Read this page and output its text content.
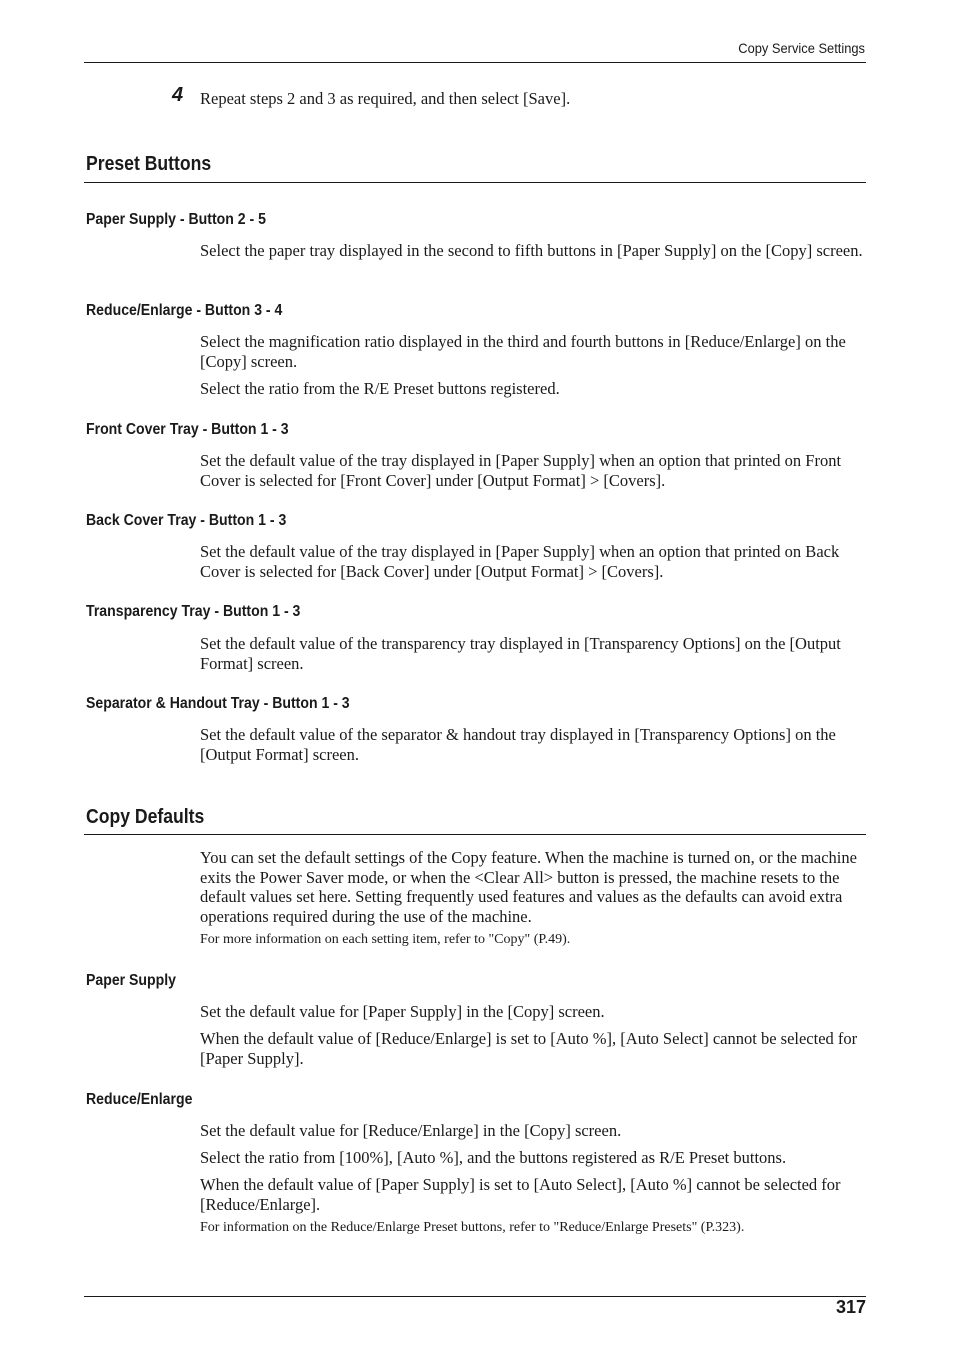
Copy Service Settings
4 Repeat steps 2 and 3 as required, and then select [Save].
Preset Buttons
Paper Supply - Button 2 - 5
Select the paper tray displayed in the second to fifth buttons in [Paper Supply] on the [Copy] screen.
Reduce/Enlarge - Button 3 - 4
Select the magnification ratio displayed in the third and fourth buttons in [Reduce/Enlarge] on the [Copy] screen.
Select the ratio from the R/E Preset buttons registered.
Front Cover Tray - Button 1 - 3
Set the default value of the tray displayed in [Paper Supply] when an option that printed on Front Cover is selected for [Front Cover] under [Output Format] > [Covers].
Back Cover Tray - Button 1 - 3
Set the default value of the tray displayed in [Paper Supply] when an option that printed on Back Cover is selected for [Back Cover] under [Output Format] > [Covers].
Transparency Tray - Button 1 - 3
Set the default value of the transparency tray displayed in [Transparency Options] on the [Output Format] screen.
Separator & Handout Tray - Button 1 - 3
Set the default value of the separator & handout tray displayed in [Transparency Options] on the [Output Format] screen.
Copy Defaults
You can set the default settings of the Copy feature. When the machine is turned on, or the machine exits the Power Saver mode, or when the <Clear All> button is pressed, the machine resets to the default values set here. Setting frequently used features and values as the defaults can avoid extra operations required during the use of the machine.
For more information on each setting item, refer to "Copy" (P.49).
Paper Supply
Set the default value for [Paper Supply] in the [Copy] screen.
When the default value of [Reduce/Enlarge] is set to [Auto %], [Auto Select] cannot be selected for [Paper Supply].
Reduce/Enlarge
Set the default value for [Reduce/Enlarge] in the [Copy] screen.
Select the ratio from [100%], [Auto %], and the buttons registered as R/E Preset buttons.
When the default value of [Paper Supply] is set to [Auto Select], [Auto %] cannot be selected for [Reduce/Enlarge].
For information on the Reduce/Enlarge Preset buttons, refer to "Reduce/Enlarge Presets" (P.323).
317
